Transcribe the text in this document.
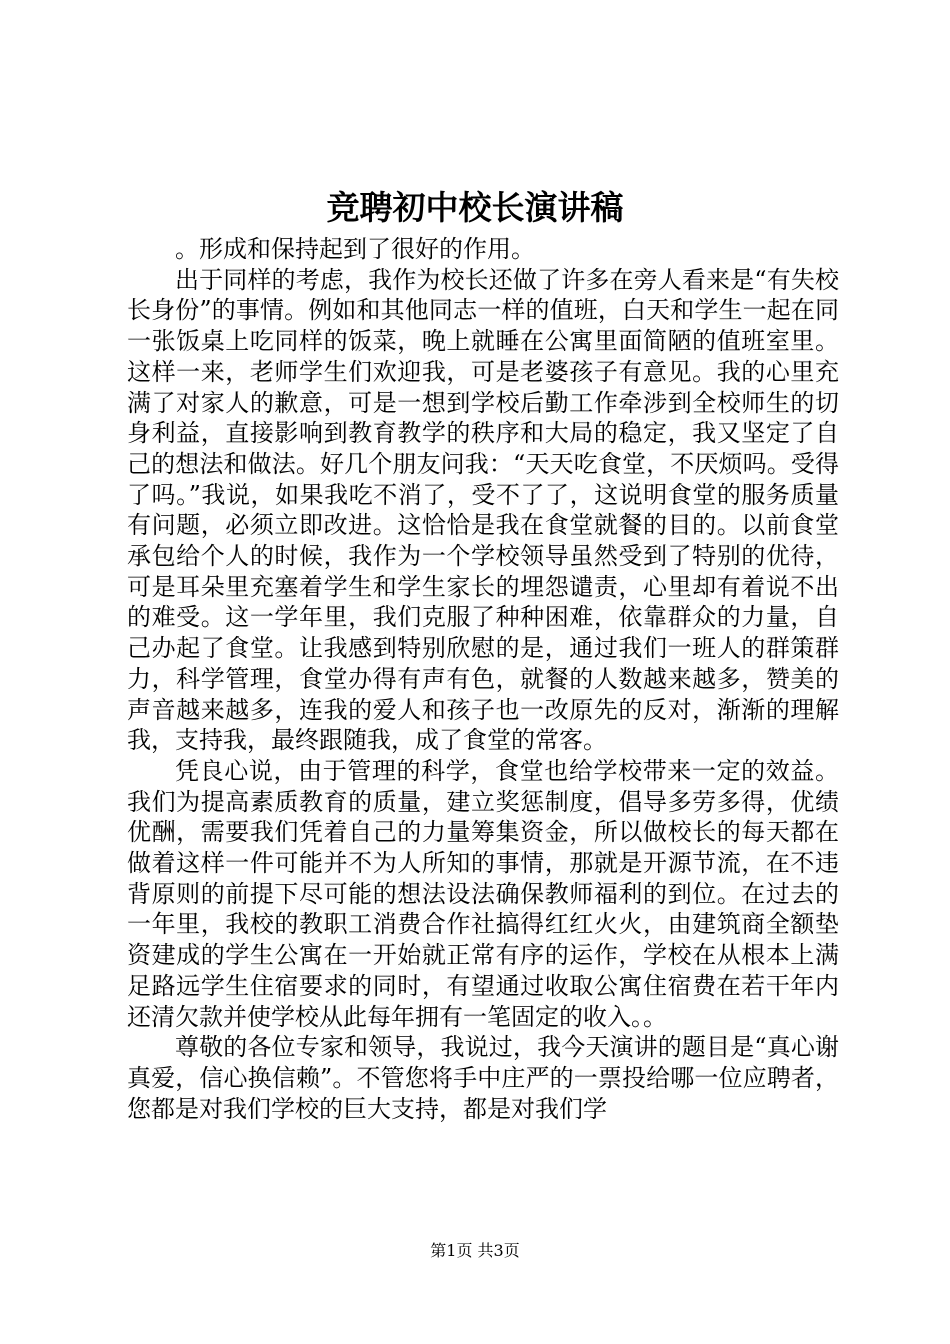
竞聘初中校长演讲稿

。形成和保持起到了很好的作用。

出于同样的考虑，我作为校长还做了许多在旁人看来是“有失校长身份”的事情。例如和其他同志一样的值班，白天和学生一起在同一张饭桌上吃同样的饭菜，晚上就睡在公寓里面简陋的值班室里。这样一来，老师学生们欢迎我，可是老婆孩子有意见。我的心里充满了对家人的歉意，可是一想到学校后勤工作牵涉到全校师生的切身利益，直接影响到教育教学的秩序和大局的稳定，我又坚定了自己的想法和做法。好几个朋友问我：“天天吃食堂，不厌烦吗。受得了吗。”我说，如果我吃不消了，受不了了，这说明食堂的服务质量有问题，必须立即改进。这恰恰是我在食堂就餐的目的。以前食堂承包给个人的时候，我作为一个学校领导虽然受到了特别的优待，可是耳朵里充塞着学生和学生家长的埋怨谴责，心里却有着说不出的难受。这一学年里，我们克服了种种困难，依靠群众的力量，自己办起了食堂。让我感到特别欣慰的是，通过我们一班人的群策群力，科学管理，食堂办得有声有色，就餐的人数越来越多，赞美的声音越来越多，连我的爱人和孩子也一改原先的反对，渐渐的理解我，支持我，最终跟随我，成了食堂的常客。

凭良心说，由于管理的科学，食堂也给学校带来一定的效益。我们为提高素质教育的质量，建立奖惩制度，倡导多劳多得，优绩优酬，需要我们凭着自己的力量筹集资金，所以做校长的每天都在做着这样一件可能并不为人所知的事情，那就是开源节流，在不违背原则的前提下尽可能的想法设法确保教师福利的到位。在过去的一年里，我校的教职工消费合作社搞得红红火火，由建筑商全额垫资建成的学生公寓在一开始就正常有序的运作，学校在从根本上满足路远学生住宿要求的同时，有望通过收取公寓住宿费在若干年内还清欠款并使学校从此每年拥有一笔固定的收入。。

尊敬的各位专家和领导，我说过，我今天演讲的题目是“真心谢真爱，信心换信赖”。不管您将手中庄严的一票投给哪一位应聘者，您都是对我们学校的巨大支持，都是对我们学

第1页 共3页
